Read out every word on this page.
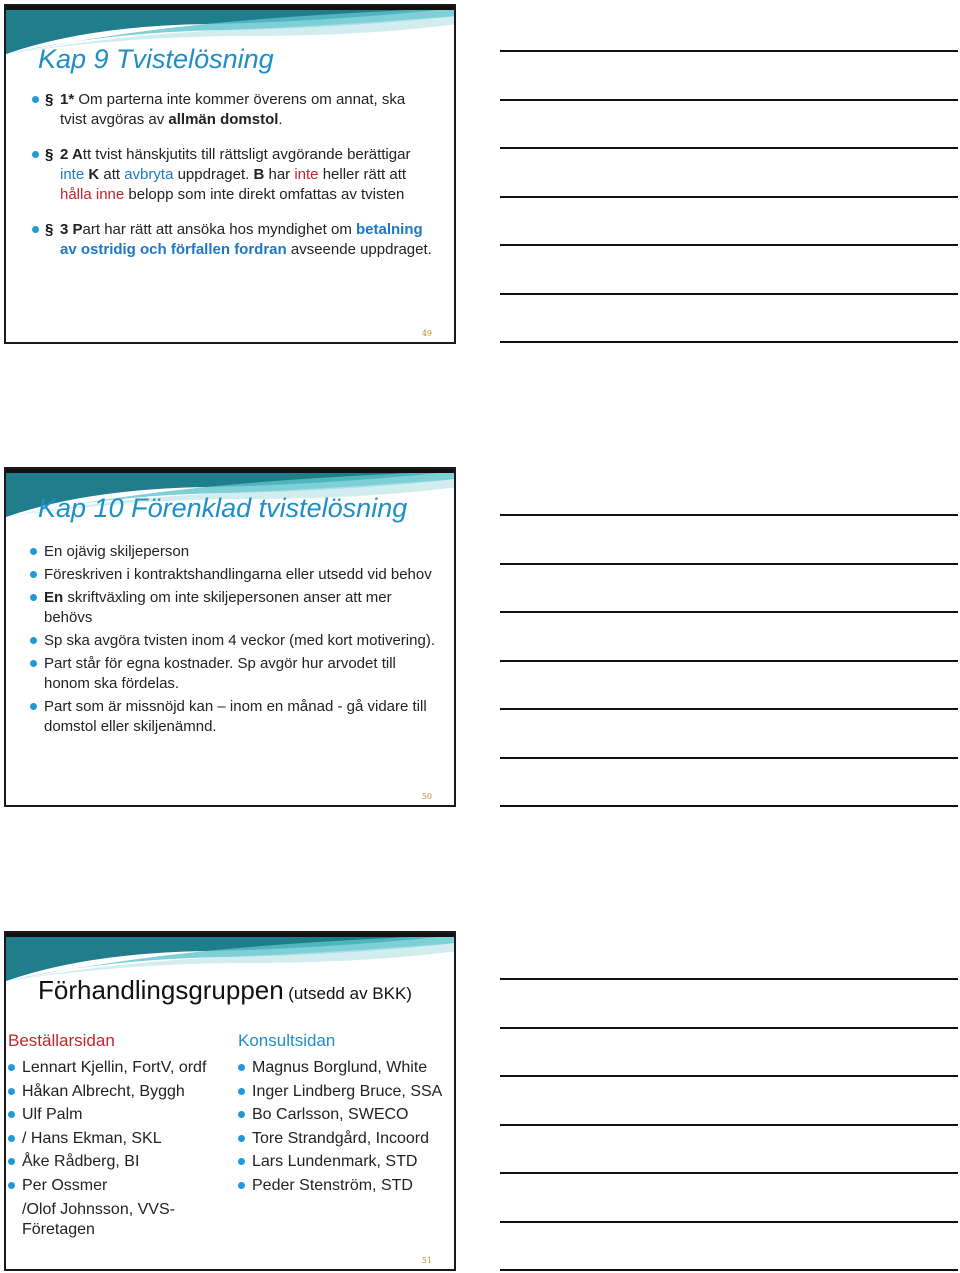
Kap 9 Tvistelösning
§ 1* Om parterna inte kommer överens om annat, ska tvist avgöras av allmän domstol.
§ 2 Att tvist hänskjutits till rättsligt avgörande berättigar inte K att avbryta uppdraget. B har inte heller rätt att hålla inne belopp som inte direkt omfattas av tvisten
§ 3 Part har rätt att ansöka hos myndighet om betalning av ostridig och förfallen fordran avseende uppdraget.
49
Kap 10 Förenklad tvistelösning
En ojävig skiljeperson
Föreskriven i kontraktshandlingarna eller utsedd vid behov
En skriftväxling om inte skiljepersonen anser att mer behövs
Sp ska avgöra tvisten inom 4 veckor (med kort motivering).
Part står för egna kostnader. Sp avgör hur arvodet till honom ska fördelas.
Part som är missnöjd kan – inom en månad - gå vidare till domstol eller skiljenämnd.
50
Förhandlingsgruppen (utsedd av BKK)
Beställarsidan	Konsultsidan
Lennart Kjellin, FortV, ordf
Håkan Albrecht, Byggh
Ulf Palm
/ Hans Ekman, SKL
Åke Rådberg, BI
Per Ossmer
/Olof Johnsson, VVS-Företagen
Magnus Borglund, White
Inger Lindberg Bruce, SSA
Bo Carlsson, SWECO
Tore Strandgård, Incoord
Lars Lundenmark, STD
Peder Stenström, STD
51
